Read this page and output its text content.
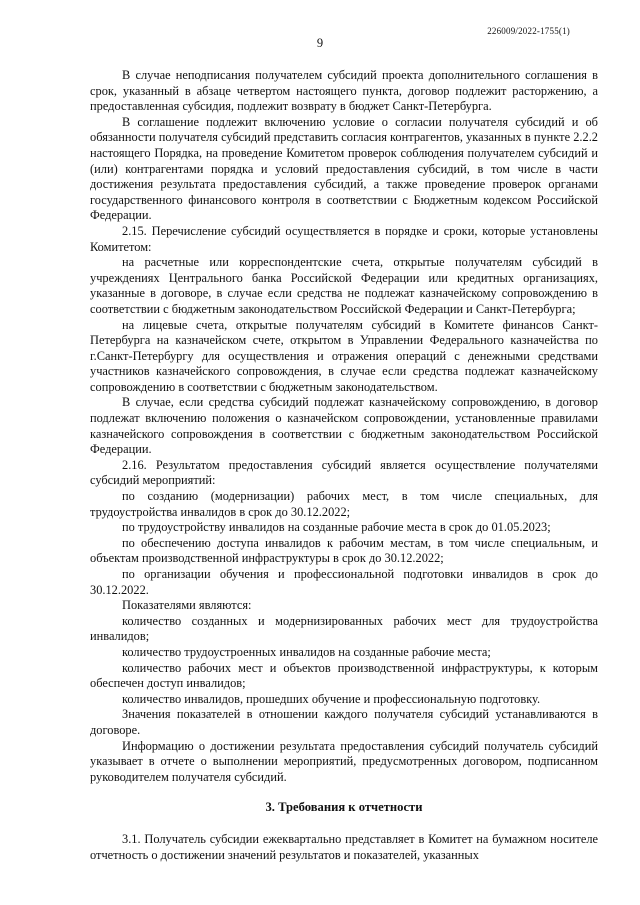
226009/2022-1755(1)
9

В случае неподписания получателем субсидий проекта дополнительного соглашения в срок, указанный в абзаце четвертом настоящего пункта, договор подлежит расторжению, а предоставленная субсидия, подлежит возврату в бюджет Санкт-Петербурга.

В соглашение подлежит включению условие о согласии получателя субсидий и об обязанности получателя субсидий представить согласия контрагентов, указанных в пункте 2.2.2 настоящего Порядка, на проведение Комитетом проверок соблюдения получателем субсидий и (или) контрагентами порядка и условий предоставления субсидий, в том числе в части достижения результата предоставления субсидий, а также проведение проверок органами государственного финансового контроля в соответствии с Бюджетным кодексом Российской Федерации.

2.15. Перечисление субсидий осуществляется в порядке и сроки, которые установлены Комитетом:

на расчетные или корреспондентские счета, открытые получателям субсидий в учреждениях Центрального банка Российской Федерации или кредитных организациях, указанные в договоре, в случае если средства не подлежат казначейскому сопровождению в соответствии с бюджетным законодательством Российской Федерации и Санкт-Петербурга;

на лицевые счета, открытые получателям субсидий в Комитете финансов Санкт-Петербурга на казначейском счете, открытом в Управлении Федерального казначейства по г.Санкт-Петербургу для осуществления и отражения операций с денежными средствами участников казначейского сопровождения, в случае если средства подлежат казначейскому сопровождению в соответствии с бюджетным законодательством.

В случае, если средства субсидий подлежат казначейскому сопровождению, в договор подлежат включению положения о казначейском сопровождении, установленные правилами казначейского сопровождения в соответствии с бюджетным законодательством Российской Федерации.

2.16. Результатом предоставления субсидий является осуществление получателями субсидий мероприятий:

по созданию (модернизации) рабочих мест, в том числе специальных, для трудоустройства инвалидов в срок до 30.12.2022;

по трудоустройству инвалидов на созданные рабочие места в срок до 01.05.2023;

по обеспечению доступа инвалидов к рабочим местам, в том числе специальным, и объектам производственной инфраструктуры в срок до 30.12.2022;

по организации обучения и профессиональной подготовки инвалидов в срок до 30.12.2022.

Показателями являются:

количество созданных и модернизированных рабочих мест для трудоустройства инвалидов;

количество трудоустроенных инвалидов на созданные рабочие места;

количество рабочих мест и объектов производственной инфраструктуры, к которым обеспечен доступ инвалидов;

количество инвалидов, прошедших обучение и профессиональную подготовку.

Значения показателей в отношении каждого получателя субсидий устанавливаются в договоре.

Информацию о достижении результата предоставления субсидий получатель субсидий указывает в отчете о выполнении мероприятий, предусмотренных договором, подписанном руководителем получателя субсидий.

3. Требования к отчетности

3.1. Получатель субсидии ежеквартально представляет в Комитет на бумажном носителе отчетность о достижении значений результатов и показателей, указанных
